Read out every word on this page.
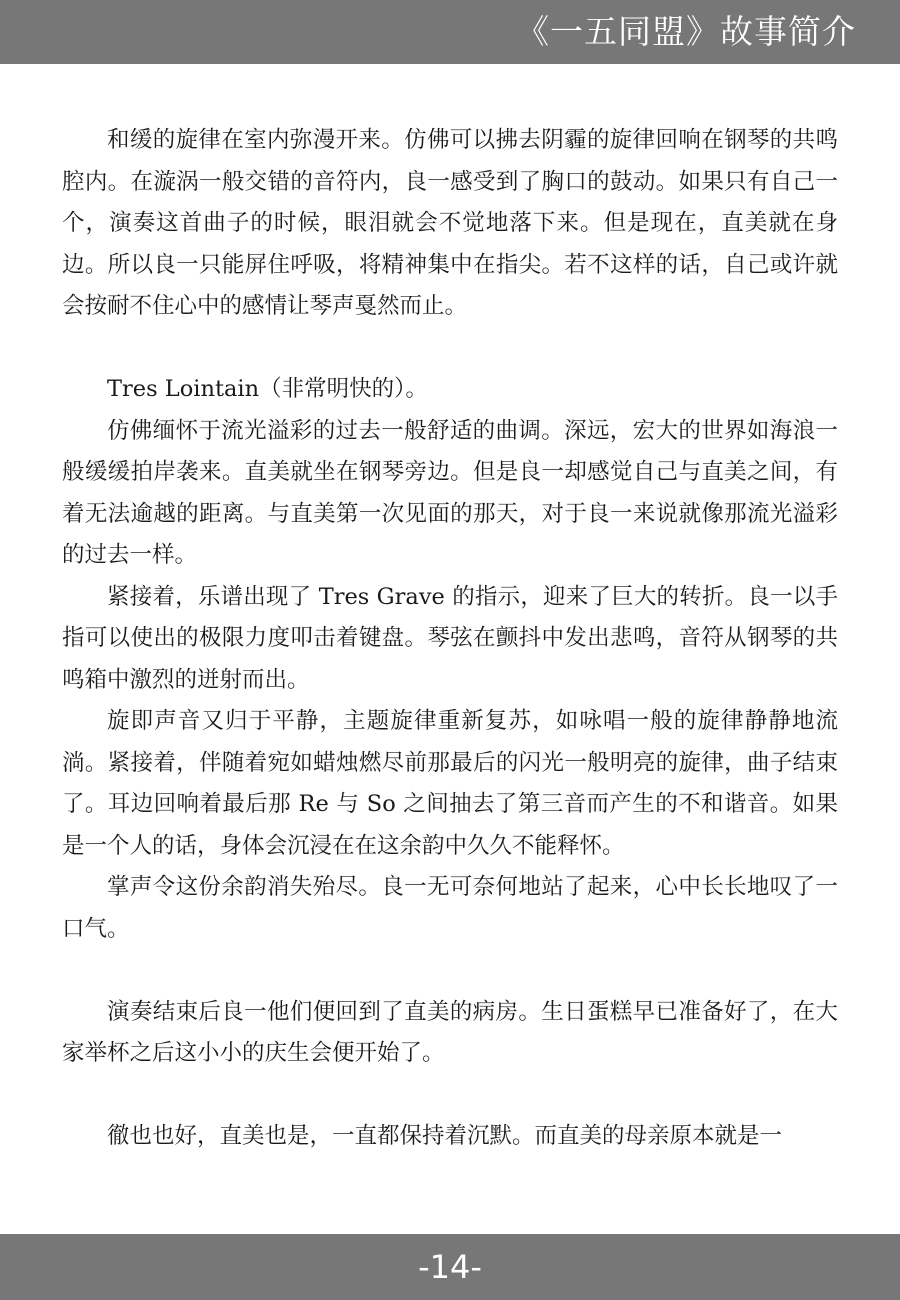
《一五同盟》故事简介

和缓的旋律在室内弥漫开来。仿佛可以拂去阴霾的旋律回响在钢琴的共鸣腔内。在漩涡一般交错的音符内，良一感受到了胸口的鼓动。如果只有自己一个，演奏这首曲子的时候，眼泪就会不觉地落下来。但是现在，直美就在身边。所以良一只能屏住呼吸，将精神集中在指尖。若不这样的话，自己或许就会按耐不住心中的感情让琴声戛然而止。

Tres Lointain（非常明快的）。

仿佛缅怀于流光溢彩的过去一般舒适的曲调。深远，宏大的世界如海浪一般缓缓拍岸袭来。直美就坐在钢琴旁边。但是良一却感觉自己与直美之间，有着无法逾越的距离。与直美第一次见面的那天，对于良一来说就像那流光溢彩的过去一样。

紧接着，乐谱出现了 Tres Grave 的指示，迎来了巨大的转折。良一以手指可以使出的极限力度叩击着键盘。琴弦在颤抖中发出悲鸣，音符从钢琴的共鸣箱中激烈的迸射而出。

旋即声音又归于平静，主题旋律重新复苏，如咏唱一般的旋律静静地流淌。紧接着，伴随着宛如蜡烛燃尽前那最后的闪光一般明亮的旋律，曲子结束了。耳边回响着最后那 Re 与 So 之间抽去了第三音而产生的不和谐音。如果是一个人的话，身体会沉浸在在这余韵中久久不能释怀。

掌声令这份余韵消失殆尽。良一无可奈何地站了起来，心中长长地叹了一口气。

演奏结束后良一他们便回到了直美的病房。生日蛋糕早已准备好了，在大家举杯之后这小小的庆生会便开始了。

徹也也好，直美也是，一直都保持着沉默。而直美的母亲原本就是一

-14-
